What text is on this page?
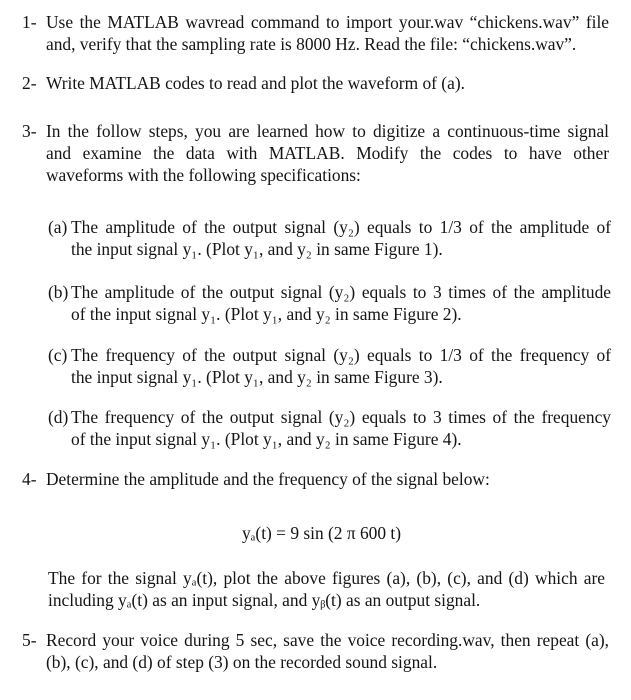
1- Use the MATLAB wavread command to import your.wav “chickens.wav” file
and, verify that the sampling rate is 8000 Hz. Read the file: “chickens.wav”.
2- Write MATLAB codes to read and plot the waveform of (a).
3- In the follow steps, you are learned how to digitize a continuous-time signal
and examine the data with MATLAB. Modify the codes to have other
waveforms with the following specifications:
(a) The amplitude of the output signal (y₂) equals to 1/3 of the amplitude of
the input signal y₁. (Plot y₁, and y₂ in same Figure 1).
(b) The amplitude of the output signal (y₂) equals to 3 times of the amplitude
of the input signal y₁. (Plot y₁, and y₂ in same Figure 2).
(c) The frequency of the output signal (y₂) equals to 1/3 of the frequency of
the input signal y₁. (Plot y₁, and y₂ in same Figure 3).
(d) The frequency of the output signal (y₂) equals to 3 times of the frequency
of the input signal y₁. (Plot y₁, and y₂ in same Figure 4).
4- Determine the amplitude and the frequency of the signal below:
yₐ(t) = 9 sin (2 π 600 t)
The for the signal yₐ(t), plot the above figures (a), (b), (c), and (d) which are
including yₐ(t) as an input signal, and yᵦ(t) as an output signal.
5- Record your voice during 5 sec, save the voice recording.wav, then repeat (a),
(b), (c), and (d) of step (3) on the recorded sound signal.
